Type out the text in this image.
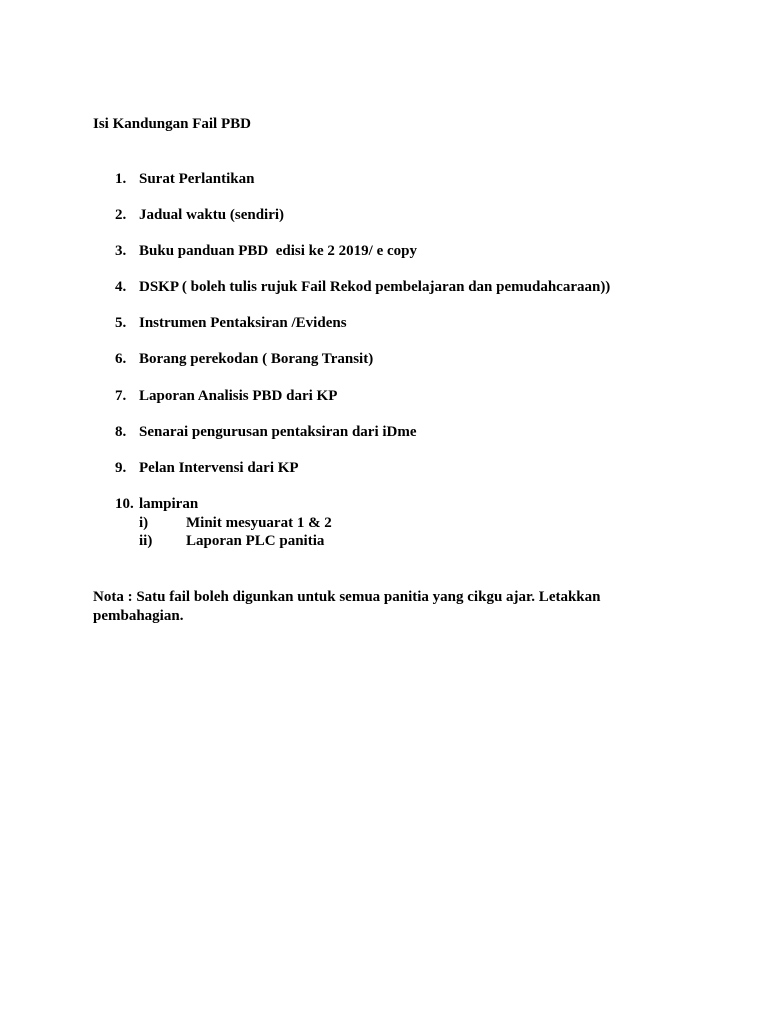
Isi Kandungan Fail PBD
1. Surat Perlantikan
2. Jadual waktu (sendiri)
3. Buku panduan PBD  edisi ke 2 2019/ e copy
4. DSKP ( boleh tulis rujuk Fail Rekod pembelajaran dan pemudahcaraan))
5. Instrumen Pentaksiran /Evidens
6. Borang perekodan ( Borang Transit)
7. Laporan Analisis PBD dari KP
8. Senarai pengurusan pentaksiran dari iDme
9. Pelan Intervensi dari KP
10. lampiran
i)	Minit mesyuarat 1 & 2
ii) Laporan PLC panitia
Nota : Satu fail boleh digunkan untuk semua panitia yang cikgu ajar. Letakkan pembahagian.
